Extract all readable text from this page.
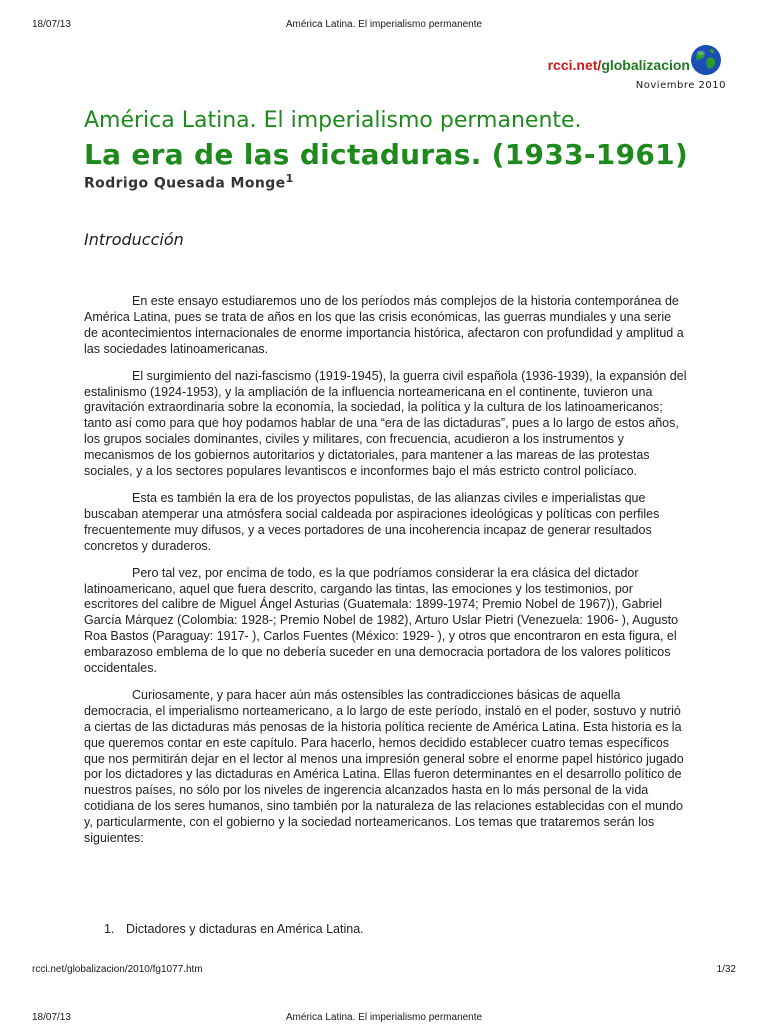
18/07/13	América Latina. El imperialismo permanente
rcci.net/globalizacion
Noviembre 2010
América Latina. El imperialismo permanente.
La era de las dictaduras. (1933-1961)
Rodrigo Quesada Monge$^1$
Introducción

En este ensayo estudiaremos uno de los períodos más complejos de la historia contemporánea de América Latina, pues se trata de años en los que las crisis económicas, las guerras mundiales y una serie de acontecimientos internacionales de enorme importancia histórica, afectaron con profundidad y amplitud a las sociedades latinoamericanas.

El surgimiento del nazi-fascismo (1919-1945), la guerra civil española (1936-1939), la expansión del estalinismo (1924-1953), y la ampliación de la influencia norteamericana en el continente, tuvieron una gravitación extraordinaria sobre la economía, la sociedad, la política y la cultura de los latinoamericanos; tanto así como para que hoy podamos hablar de una “era de las dictaduras”, pues a lo largo de estos años, los grupos sociales dominantes, civiles y militares, con frecuencia, acudieron a los instrumentos y mecanismos de los gobiernos autoritarios y dictatoriales, para mantener a las mareas de las protestas sociales, y a los sectores populares levantiscos e inconformes bajo el más estricto control policíaco.

Esta es también la era de los proyectos populistas, de las alianzas civiles e imperialistas que buscaban atemperar una atmósfera social caldeada por aspiraciones ideológicas y políticas con perfiles frecuentemente muy difusos, y a veces portadores de una incoherencia incapaz de generar resultados concretos y duraderos.

Pero tal vez, por encima de todo, es la que podríamos considerar la era clásica del dictador latinoamericano, aquel que fuera descrito, cargando las tintas, las emociones y los testimonios, por escritores del calibre de Miguel Ángel Asturias (Guatemala: 1899-1974; Premio Nobel de 1967)), Gabriel García Márquez (Colombia: 1928-; Premio Nobel de 1982), Arturo Uslar Pietri (Venezuela: 1906- ), Augusto Roa Bastos (Paraguay: 1917- ), Carlos Fuentes (México: 1929- ), y otros que encontraron en esta figura, el embarazoso emblema de lo que no debería suceder en una democracia portadora de los valores políticos occidentales.

Curiosamente, y para hacer aún más ostensibles las contradicciones básicas de aquella democracia, el imperialismo norteamericano, a lo largo de este período, instaló en el poder, sostuvo y nutrió a ciertas de las dictaduras más penosas de la historia política reciente de América Latina. Esta historia es la que queremos contar en este capítulo. Para hacerlo, hemos decidido establecer cuatro temas específicos que nos permitirán dejar en el lector al menos una impresión general sobre el enorme papel histórico jugado por los dictadores y las dictaduras en América Latina. Ellas fueron determinantes en el desarrollo político de nuestros países, no sólo por los niveles de ingerencia alcanzados hasta en lo más personal de la vida cotidiana de los seres humanos, sino también por la naturaleza de las relaciones establecidas con el mundo y, particularmente, con el gobierno y la sociedad norteamericanos. Los temas que trataremos serán los siguientes:

1. Dictadores y dictaduras en América Latina.
rcci.net/globalizacion/2010/fg1077.htm	1/32
18/07/13	América Latina. El imperialismo permanente
